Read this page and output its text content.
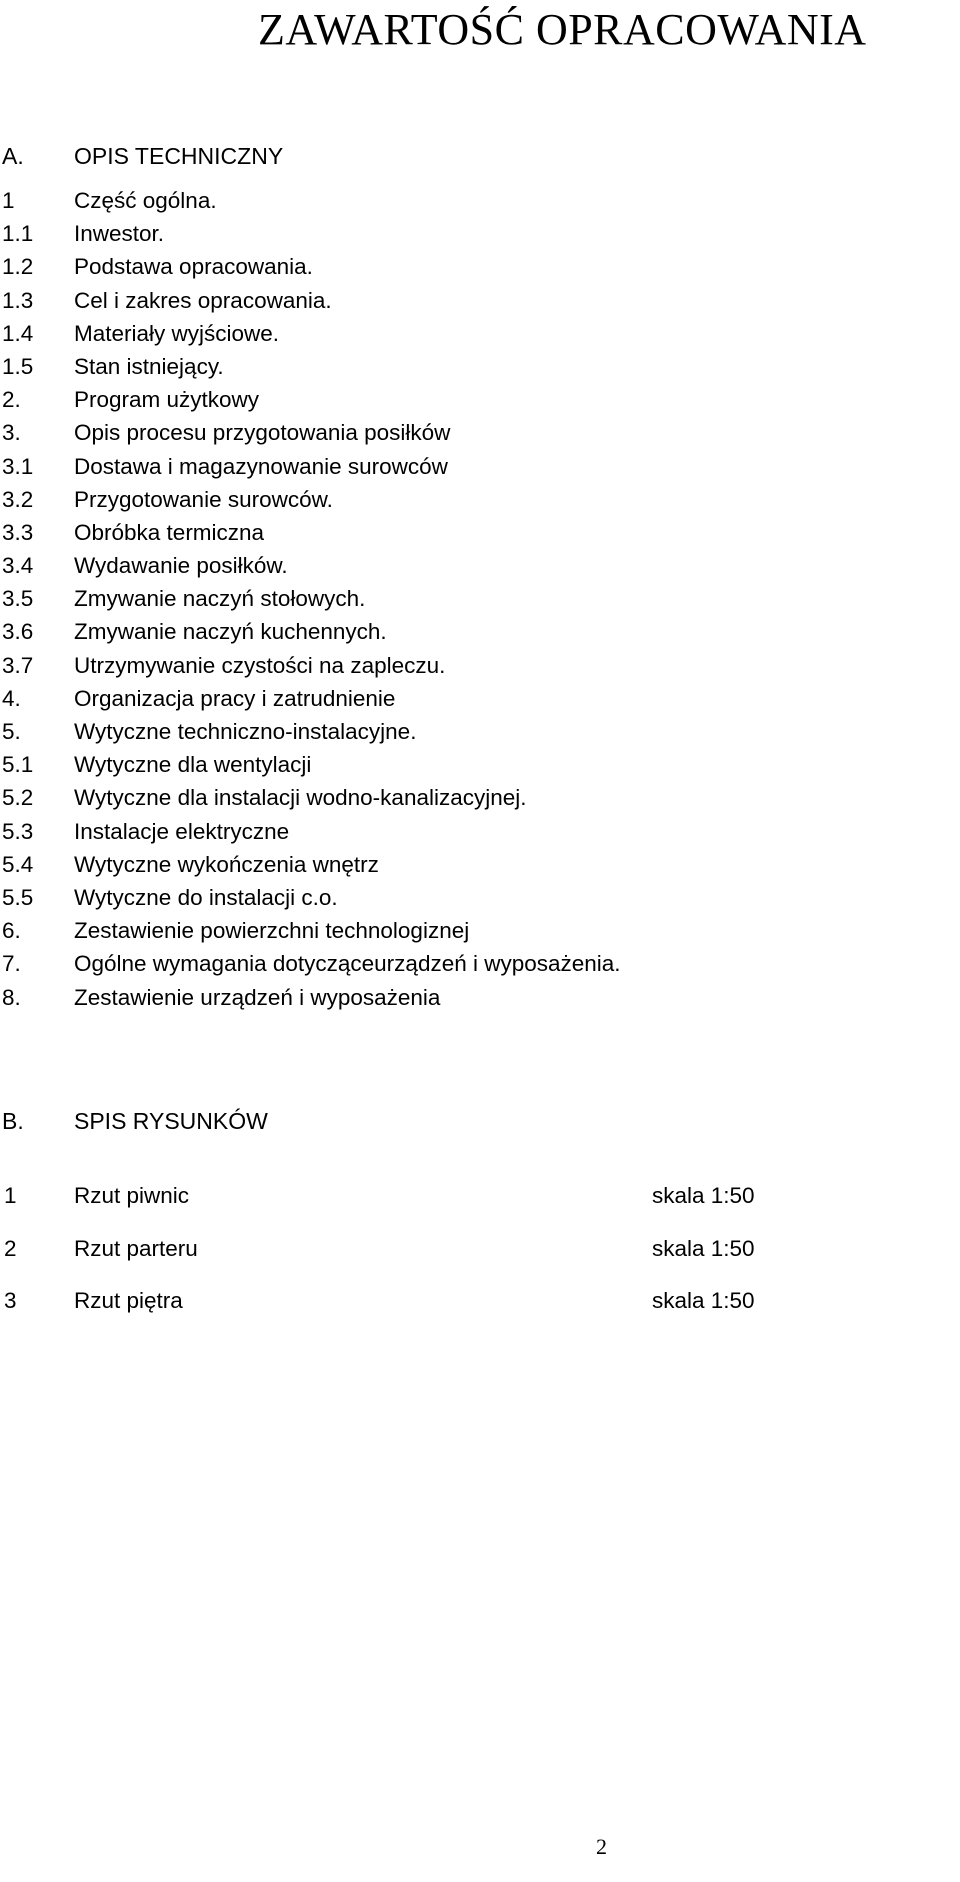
ZAWARTOŚĆ OPRACOWANIA
A. OPIS TECHNICZNY
1	Część ogólna.
1.1 Inwestor.
1.2 Podstawa opracowania.
1.3 Cel i zakres opracowania.
1.4 Materiały wyjściowe.
1.5 Stan istniejący.
2. Program użytkowy
3. Opis procesu przygotowania posiłków
3.1 Dostawa i magazynowanie surowców
3.2 Przygotowanie surowców.
3.3 Obróbka termiczna
3.4 Wydawanie posiłków.
3.5 Zmywanie naczyń stołowych.
3.6 Zmywanie naczyń kuchennych.
3.7 Utrzymywanie czystości na zapleczu.
4. Organizacja pracy i zatrudnienie
5. Wytyczne techniczno-instalacyjne.
5.1 Wytyczne dla wentylacji
5.2 Wytyczne dla instalacji wodno-kanalizacyjnej.
5.3 Instalacje elektryczne
5.4 Wytyczne wykończenia wnętrz
5.5 Wytyczne do instalacji c.o.
6. Zestawienie powierzchni technologiznej
7. Ogólne wymagania dotycząceurządzeń i wyposażenia.
8. Zestawienie urządzeń i wyposażenia
B. SPIS RYSUNKÓW
1	Rzut piwnic	skala 1:50
2	Rzut parteru	skala 1:50
3	Rzut piętra	skala 1:50
2
